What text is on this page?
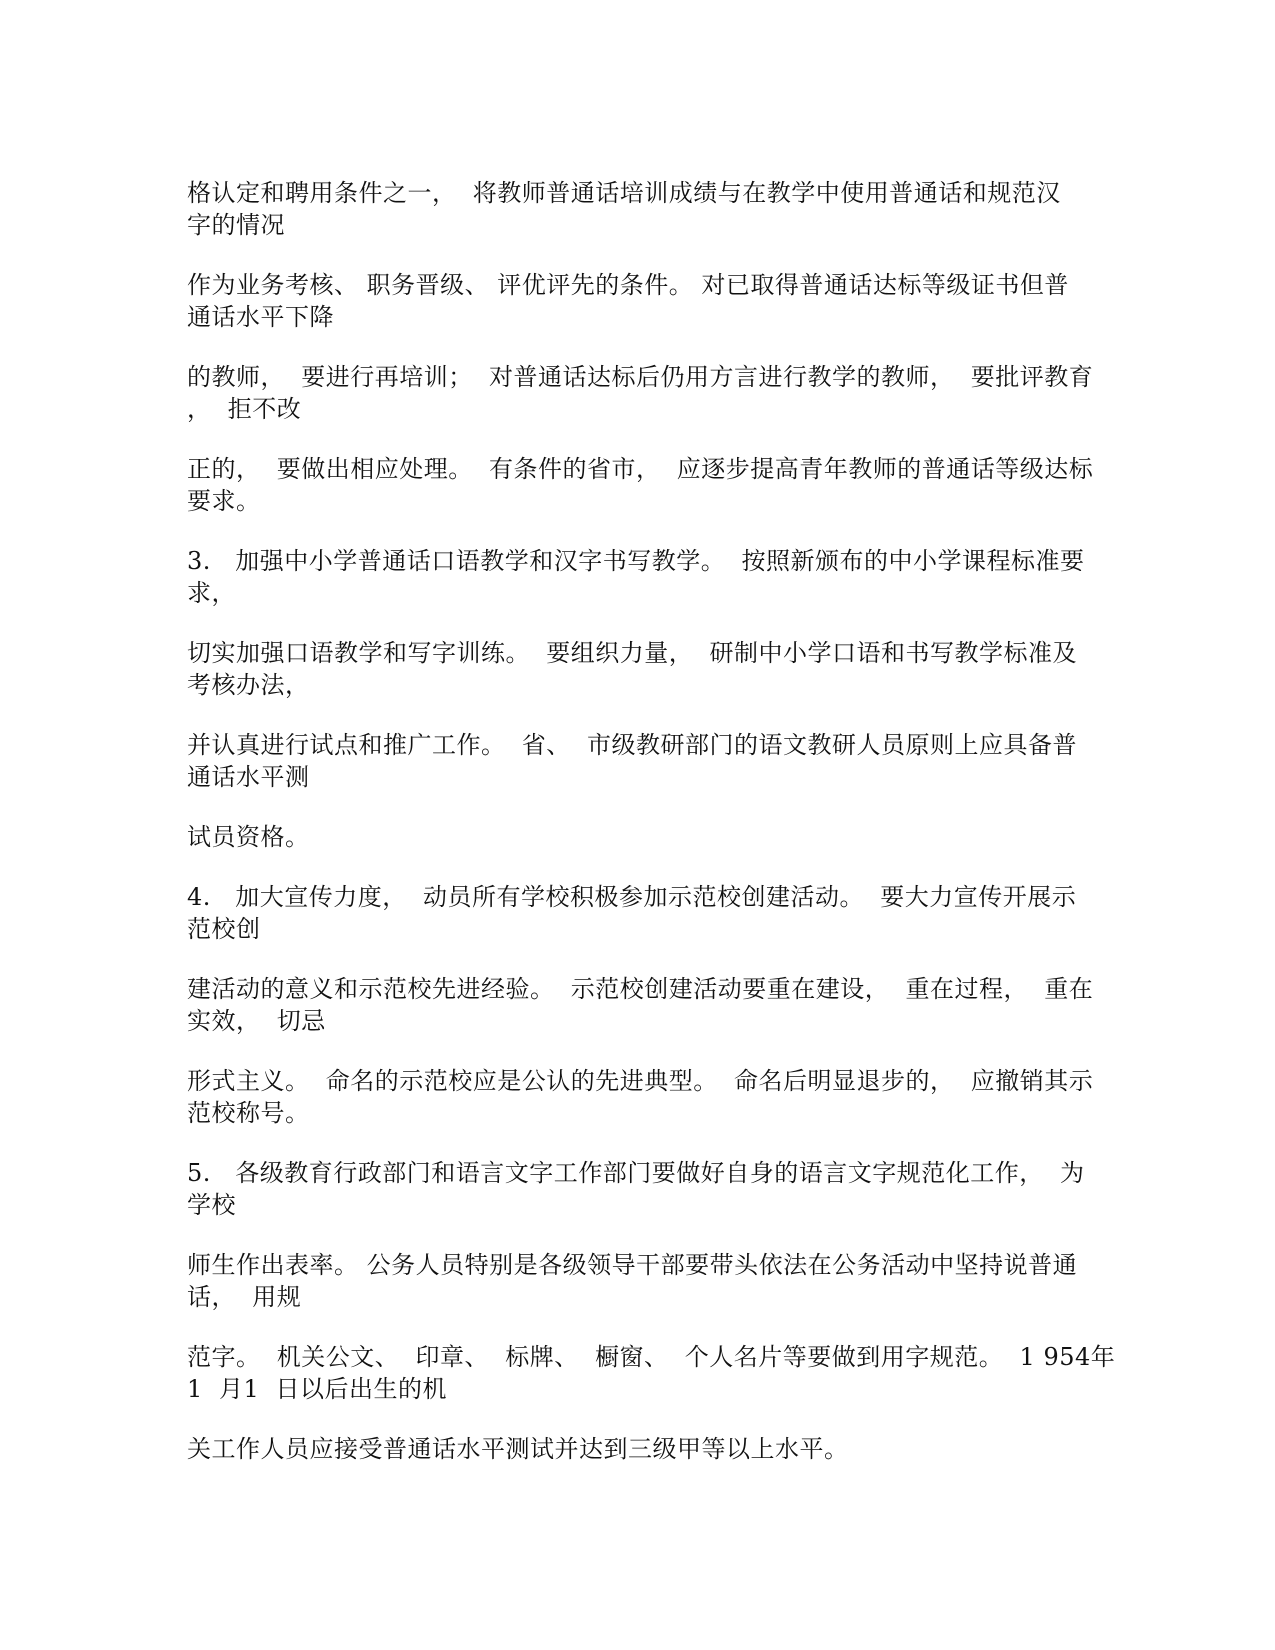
格认定和聘用条件之一，  将教师普通话培训成绩与在教学中使用普通话和规范汉
字的情况

作为业务考核、 职务晋级、 评优评先的条件。 对已取得普通话达标等级证书但普
通话水平下降

的教师，  要进行再培训；  对普通话达标后仍用方言进行教学的教师，  要批评教育
，  拒不改

正的，  要做出相应处理。  有条件的省市，  应逐步提高青年教师的普通话等级达标
要求。

3.   加强中小学普通话口语教学和汉字书写教学。  按照新颁布的中小学课程标准要
求，

切实加强口语教学和写字训练。  要组织力量，  研制中小学口语和书写教学标准及
考核办法，

并认真进行试点和推广工作。  省、  市级教研部门的语文教研人员原则上应具备普
通话水平测

试员资格。

4.   加大宣传力度，  动员所有学校积极参加示范校创建活动。  要大力宣传开展示
范校创

建活动的意义和示范校先进经验。  示范校创建活动要重在建设，  重在过程，  重在
实效，  切忌

形式主义。  命名的示范校应是公认的先进典型。  命名后明显退步的，  应撤销其示
范校称号。

5.   各级教育行政部门和语言文字工作部门要做好自身的语言文字规范化工作，  为
学校

师生作出表率。 公务人员特别是各级领导干部要带头依法在公务活动中坚持说普通
话，  用规

范字。  机关公文、  印章、  标牌、  橱窗、  个人名片等要做到用字规范。  1 954年
1  月1  日以后出生的机

关工作人员应接受普通话水平测试并达到三级甲等以上水平。
